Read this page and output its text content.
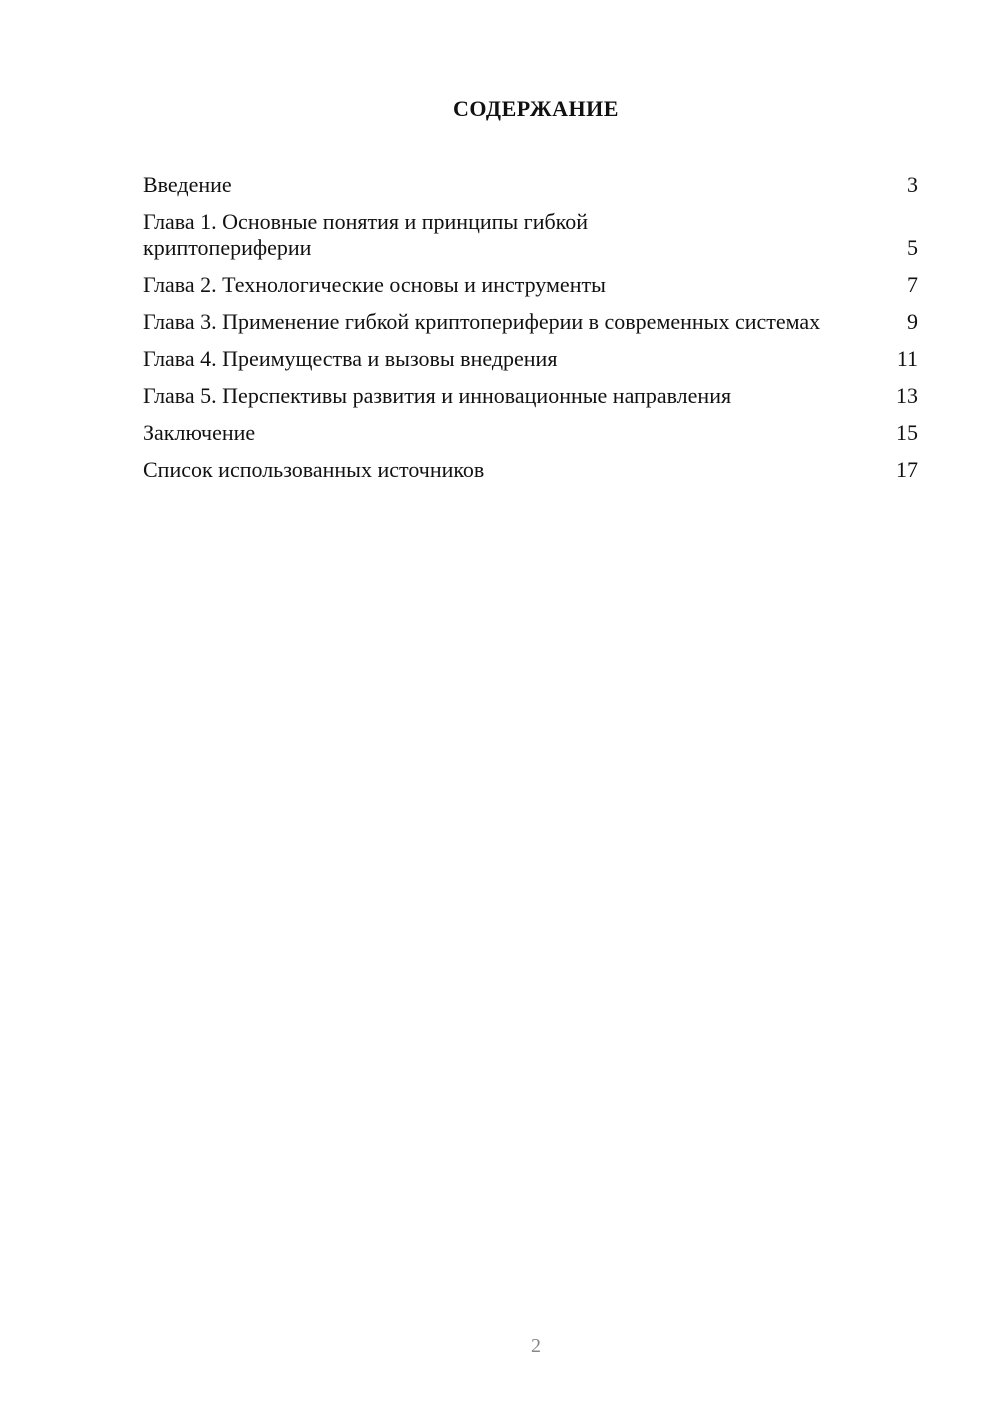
СОДЕРЖАНИЕ
Введение	3
Глава 1. Основные понятия и принципы гибкой криптопериферии	5
Глава 2. Технологические основы и инструменты	7
Глава 3. Применение гибкой криптопериферии в современных системах	9
Глава 4. Преимущества и вызовы внедрения	11
Глава 5. Перспективы развития и инновационные направления	13
Заключение	15
Список использованных источников	17
2
